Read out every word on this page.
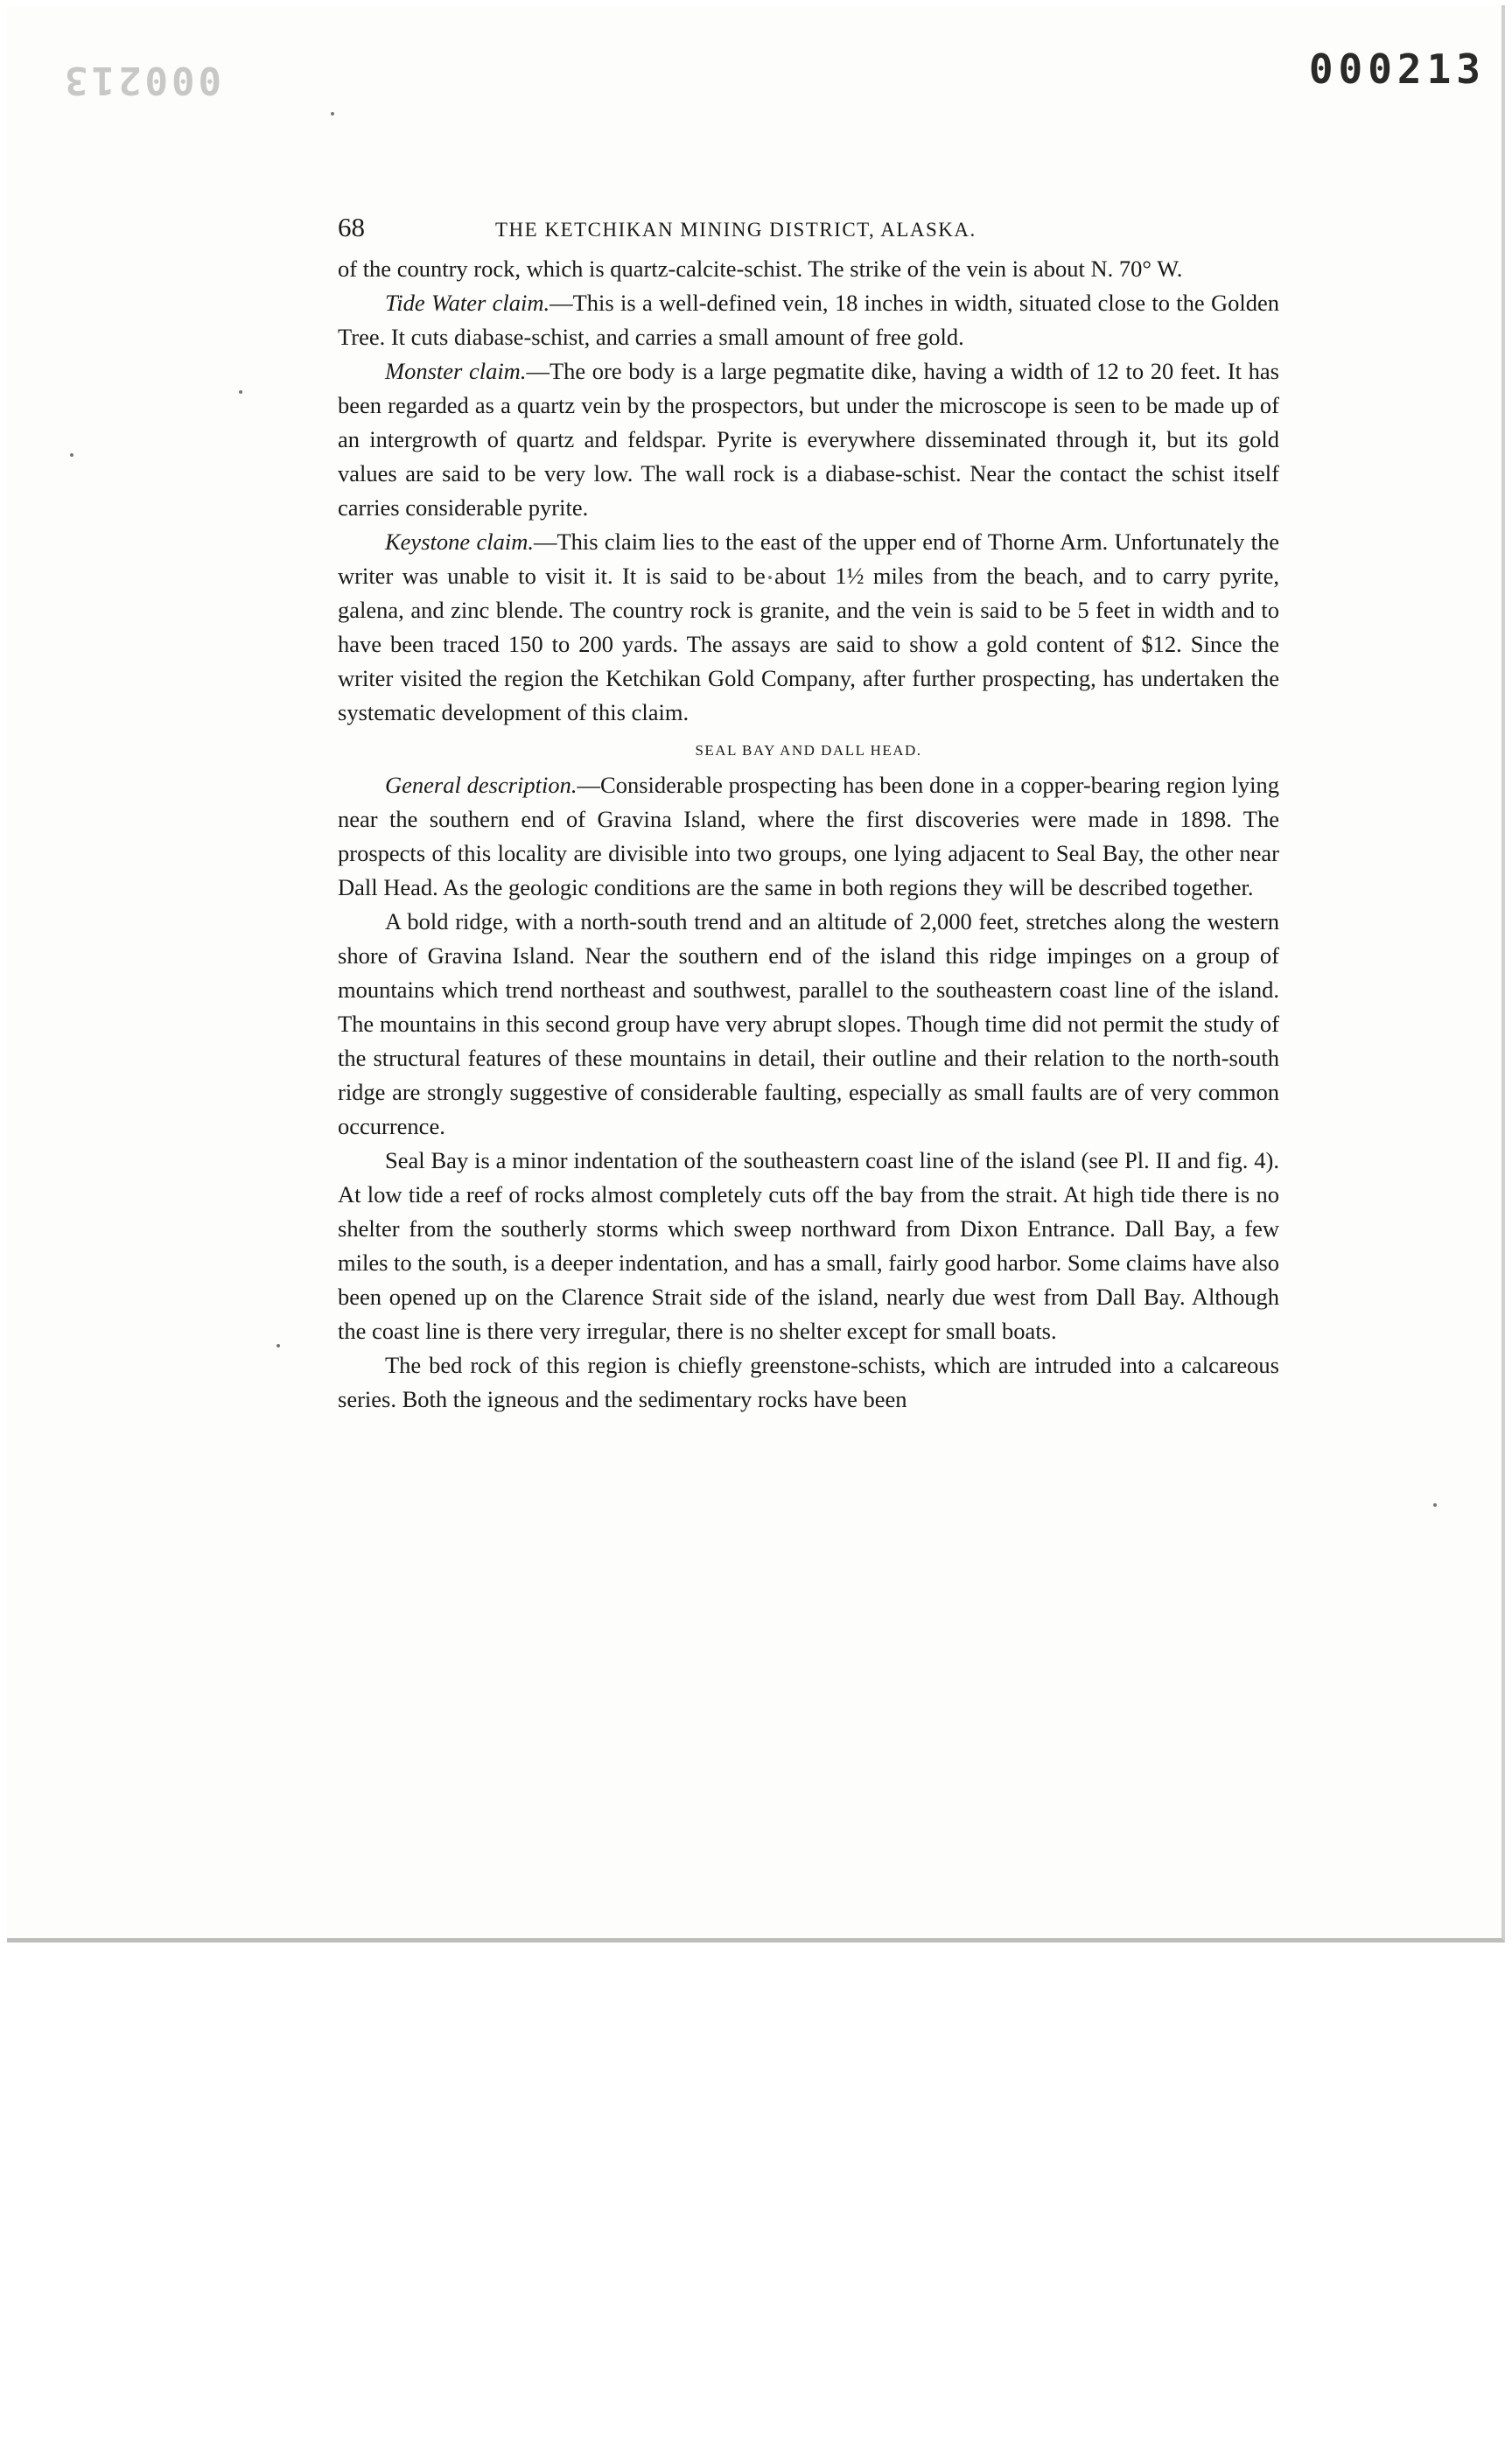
000213	000213
68	THE KETCHIKAN MINING DISTRICT, ALASKA.

of the country rock, which is quartz-calcite-schist. The strike of the vein is about N. 70° W.

Tide Water claim.—This is a well-defined vein, 18 inches in width, situated close to the Golden Tree. It cuts diabase-schist, and carries a small amount of free gold.

Monster claim.—The ore body is a large pegmatite dike, having a width of 12 to 20 feet. It has been regarded as a quartz vein by the prospectors, but under the microscope is seen to be made up of an intergrowth of quartz and feldspar. Pyrite is everywhere disseminated through it, but its gold values are said to be very low. The wall rock is a diabase-schist. Near the contact the schist itself carries considerable pyrite.

Keystone claim.—This claim lies to the east of the upper end of Thorne Arm. Unfortunately the writer was unable to visit it. It is said to be about 1½ miles from the beach, and to carry pyrite, galena, and zinc blende. The country rock is granite, and the vein is said to be 5 feet in width and to have been traced 150 to 200 yards. The assays are said to show a gold content of $12. Since the writer visited the region the Ketchikan Gold Company, after further prospecting, has undertaken the systematic development of this claim.

SEAL BAY AND DALL HEAD.

General description.—Considerable prospecting has been done in a copper-bearing region lying near the southern end of Gravina Island, where the first discoveries were made in 1898. The prospects of this locality are divisible into two groups, one lying adjacent to Seal Bay, the other near Dall Head. As the geologic conditions are the same in both regions they will be described together.

A bold ridge, with a north-south trend and an altitude of 2,000 feet, stretches along the western shore of Gravina Island. Near the southern end of the island this ridge impinges on a group of mountains which trend northeast and southwest, parallel to the southeastern coast line of the island. The mountains in this second group have very abrupt slopes. Though time did not permit the study of the structural features of these mountains in detail, their outline and their relation to the north-south ridge are strongly suggestive of considerable faulting, especially as small faults are of very common occurrence.

Seal Bay is a minor indentation of the southeastern coast line of the island (see Pl. II and fig. 4). At low tide a reef of rocks almost completely cuts off the bay from the strait. At high tide there is no shelter from the southerly storms which sweep northward from Dixon Entrance. Dall Bay, a few miles to the south, is a deeper indentation, and has a small, fairly good harbor. Some claims have also been opened up on the Clarence Strait side of the island, nearly due west from Dall Bay. Although the coast line is there very irregular, there is no shelter except for small boats.

The bed rock of this region is chiefly greenstone-schists, which are intruded into a calcareous series. Both the igneous and the sedimentary rocks have been
